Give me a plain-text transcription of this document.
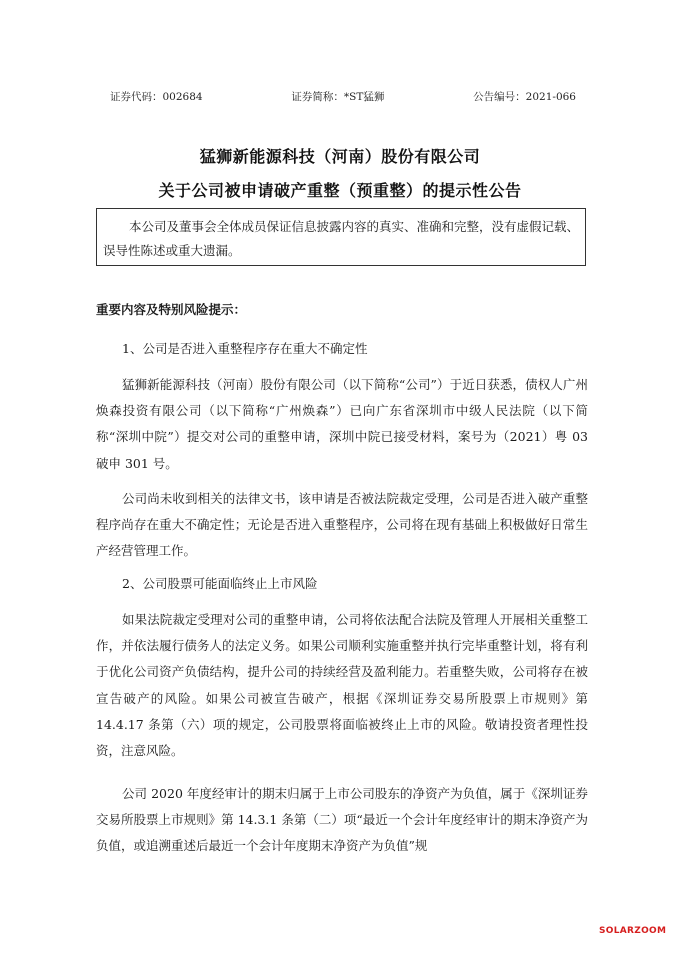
证券代码：002684	证券简称：*ST猛狮	公告编号：2021-066
猛狮新能源科技（河南）股份有限公司
关于公司被申请破产重整（预重整）的提示性公告

本公司及董事会全体成员保证信息披露内容的真实、准确和完整，没有虚假记载、误导性陈述或重大遗漏。

重要内容及特别风险提示：

1、公司是否进入重整程序存在重大不确定性

猛狮新能源科技（河南）股份有限公司（以下简称“公司”）于近日获悉，债权人广州焕森投资有限公司（以下简称“广州焕森”）已向广东省深圳市中级人民法院（以下简称“深圳中院”）提交对公司的重整申请，深圳中院已接受材料，案号为（2021）粤 03 破申 301 号。

公司尚未收到相关的法律文书，该申请是否被法院裁定受理，公司是否进入破产重整程序尚存在重大不确定性；无论是否进入重整程序，公司将在现有基础上积极做好日常生产经营管理工作。

2、公司股票可能面临终止上市风险

如果法院裁定受理对公司的重整申请，公司将依法配合法院及管理人开展相关重整工作，并依法履行债务人的法定义务。如果公司顺利实施重整并执行完毕重整计划，将有利于优化公司资产负债结构，提升公司的持续经营及盈利能力。若重整失败，公司将存在被宣告破产的风险。如果公司被宣告破产，根据《深圳证券交易所股票上市规则》第 14.4.17 条第（六）项的规定，公司股票将面临被终止上市的风险。敬请投资者理性投资，注意风险。

公司 2020 年度经审计的期末归属于上市公司股东的净资产为负值，属于《深圳证券交易所股票上市规则》第 14.3.1 条第（二）项“最近一个会计年度经审计的期末净资产为负值，或追溯重述后最近一个会计年度期末净资产为负值”规

SOLARZOOM
